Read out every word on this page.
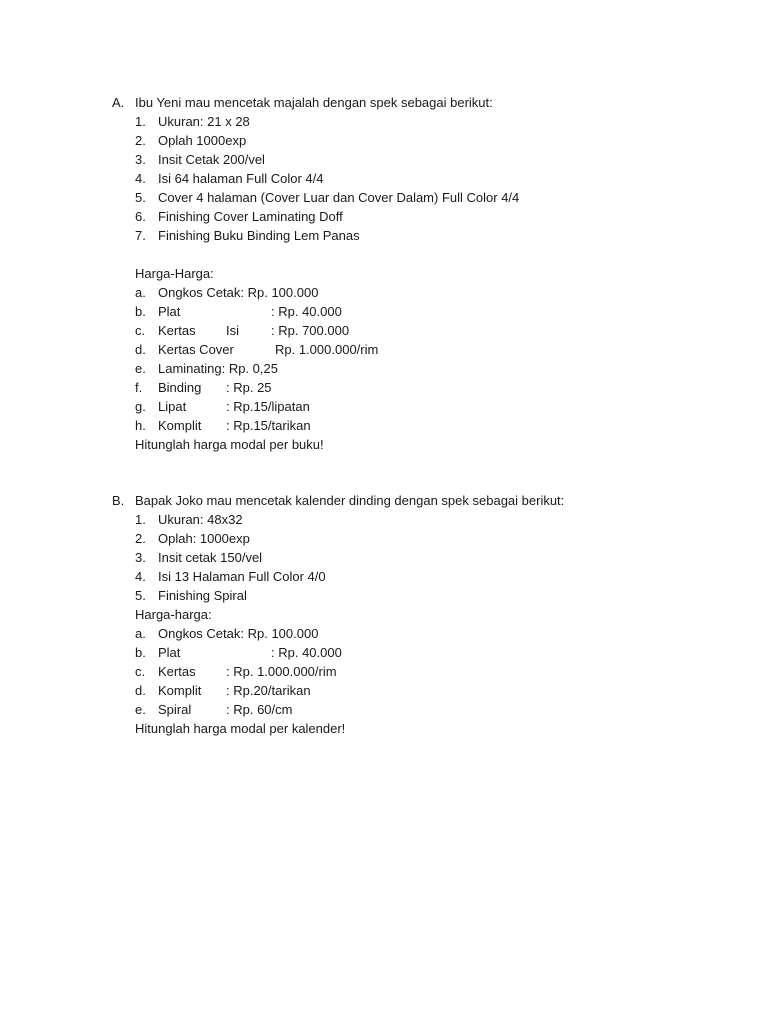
A. Ibu Yeni mau mencetak majalah dengan spek sebagai berikut:
1. Ukuran: 21 x 28
2. Oplah 1000exp
3. Insit Cetak 200/vel
4. Isi 64 halaman Full Color 4/4
5. Cover 4 halaman (Cover Luar dan Cover Dalam) Full Color 4/4
6. Finishing Cover Laminating Doff
7. Finishing Buku Binding Lem Panas
Harga-Harga:
a. Ongkos Cetak: Rp. 100.000
b. Plat	: Rp. 40.000
c. Kertas Isi : Rp. 700.000
d. Kertas Cover	Rp. 1.000.000/rim
e. Laminating: Rp. 0,25
f. Binding : Rp. 25
g. Lipat	: Rp.15/lipatan
h. Komplit : Rp.15/tarikan
Hitunglah harga modal per buku!
B. Bapak Joko mau mencetak kalender dinding dengan spek sebagai berikut:
1. Ukuran: 48x32
2. Oplah: 1000exp
3. Insit cetak 150/vel
4. Isi 13 Halaman Full Color 4/0
5. Finishing Spiral
Harga-harga:
a. Ongkos Cetak: Rp. 100.000
b. Plat	: Rp. 40.000
c. Kertas : Rp. 1.000.000/rim
d. Komplit : Rp.20/tarikan
e. Spiral	: Rp. 60/cm
Hitunglah harga modal per kalender!
